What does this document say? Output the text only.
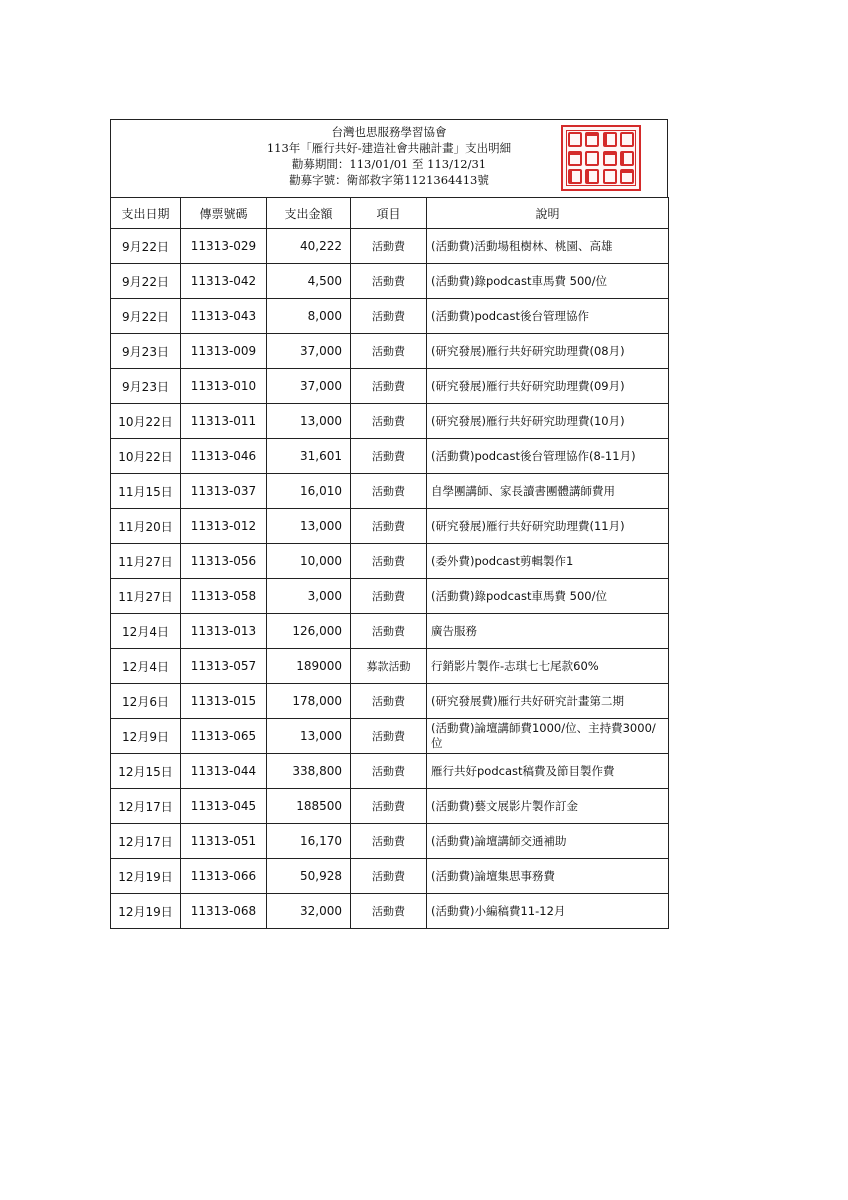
台灣也思服務學習協會
113年「雁行共好-建造社會共融計畫」支出明細
勸募期間：113/01/01 至 113/12/31
勸募字號：衛部救字第1121364413號
支出日期	傳票號碼	支出金額	項目	說明
9月22日	11313-029	40,222	活動費	(活動費)活動場租樹林、桃園、高雄
9月22日	11313-042	4,500	活動費	(活動費)錄podcast車馬費 500/位
9月22日	11313-043	8,000	活動費	(活動費)podcast後台管理協作
9月23日	11313-009	37,000	活動費	(研究發展)雁行共好研究助理費(08月)
9月23日	11313-010	37,000	活動費	(研究發展)雁行共好研究助理費(09月)
10月22日	11313-011	13,000	活動費	(研究發展)雁行共好研究助理費(10月)
10月22日	11313-046	31,601	活動費	(活動費)podcast後台管理協作(8-11月)
11月15日	11313-037	16,010	活動費	自學團講師、家長讀書團體講師費用
11月20日	11313-012	13,000	活動費	(研究發展)雁行共好研究助理費(11月)
11月27日	11313-056	10,000	活動費	(委外費)podcast剪輯製作1
11月27日	11313-058	3,000	活動費	(活動費)錄podcast車馬費 500/位
12月4日	11313-013	126,000	活動費	廣告服務
12月4日	11313-057	189000	募款活動	行銷影片製作-志琪七七尾款60%
12月6日	11313-015	178,000	活動費	(研究發展費)雁行共好研究計畫第二期
12月9日	11313-065	13,000	活動費	(活動費)論壇講師費1000/位、主持費3000/位
12月15日	11313-044	338,800	活動費	雁行共好podcast稿費及節目製作費
12月17日	11313-045	188500	活動費	(活動費)藝文展影片製作訂金
12月17日	11313-051	16,170	活動費	(活動費)論壇講師交通補助
12月19日	11313-066	50,928	活動費	(活動費)論壇集思事務費
12月19日	11313-068	32,000	活動費	(活動費)小編稿費11-12月
